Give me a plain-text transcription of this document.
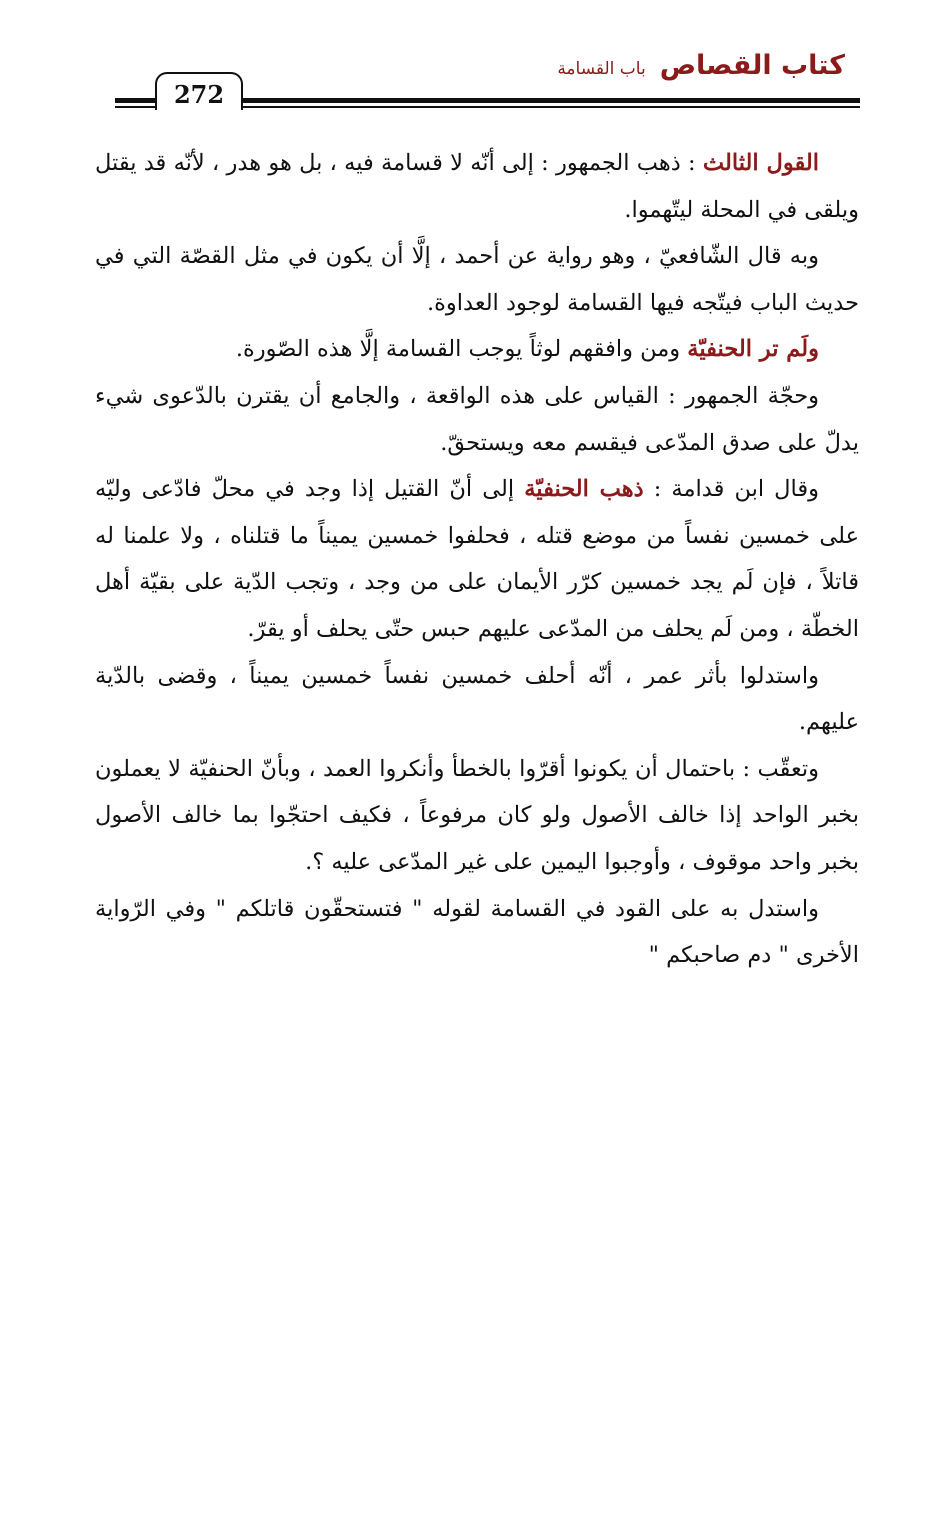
كتاب القصاص
باب القسامة
272

القول الثالث : ذهب الجمهور : إلى أنّه لا قسامة فيه ، بل هو هدر ، لأنّه قد يقتل ويلقى في المحلة ليتّهموا.

وبه قال الشّافعيّ ، وهو رواية عن أحمد ، إلَّا أن يكون في مثل القصّة التي في حديث الباب فيتّجه فيها القسامة لوجود العداوة.

ولَم تر الحنفيّة ومن وافقهم لوثاً يوجب القسامة إلَّا هذه الصّورة.

وحجّة الجمهور : القياس على هذه الواقعة ، والجامع أن يقترن بالدّعوى شيء يدلّ على صدق المدّعى فيقسم معه ويستحقّ.

وقال ابن قدامة : ذهب الحنفيّة إلى أنّ القتيل إذا وجد في محلّ فادّعى وليّه على خمسين نفساً من موضع قتله ، فحلفوا خمسين يميناً ما قتلناه ، ولا علمنا له قاتلاً ، فإن لَم يجد خمسين كرّر الأيمان على من وجد ، وتجب الدّية على بقيّة أهل الخطّة ، ومن لَم يحلف من المدّعى عليهم حبس حتّى يحلف أو يقرّ.

واستدلوا بأثر عمر ، أنّه أحلف خمسين نفساً خمسين يميناً ، وقضى بالدّية عليهم.

وتعقّب : باحتمال أن يكونوا أقرّوا بالخطأ وأنكروا العمد ، وبأنّ الحنفيّة لا يعملون بخبر الواحد إذا خالف الأصول ولو كان مرفوعاً ، فكيف احتجّوا بما خالف الأصول بخبر واحد موقوف ، وأوجبوا اليمين على غير المدّعى عليه ؟.

واستدل به على القود في القسامة لقوله " فتستحقّون قاتلكم " وفي الرّواية الأخرى " دم صاحبكم "
